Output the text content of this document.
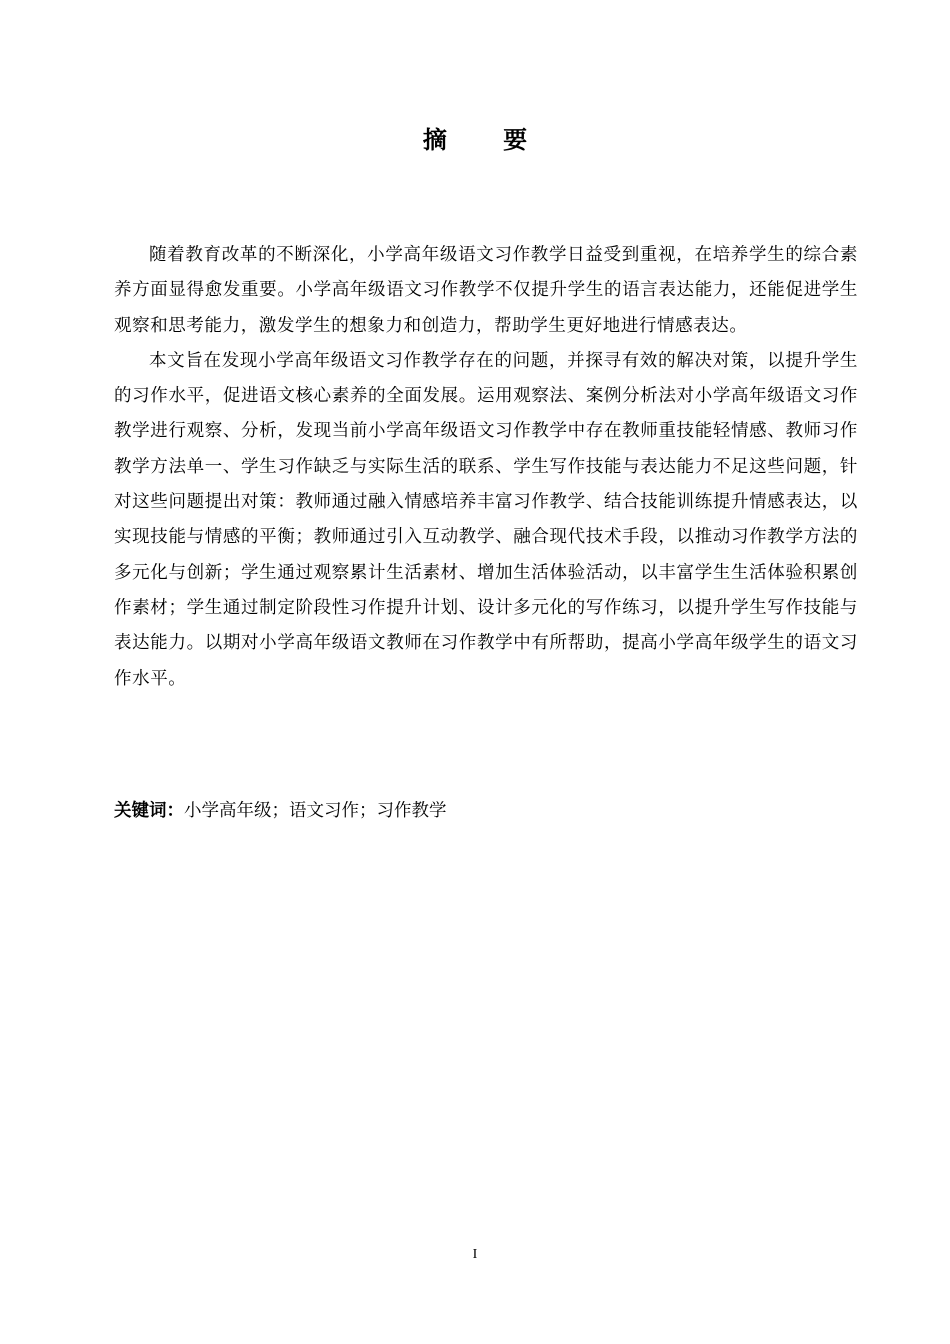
摘 要

随着教育改革的不断深化，小学高年级语文习作教学日益受到重视，在培养学生的综合素养方面显得愈发重要。小学高年级语文习作教学不仅提升学生的语言表达能力，还能促进学生观察和思考能力，激发学生的想象力和创造力，帮助学生更好地进行情感表达。

本文旨在发现小学高年级语文习作教学存在的问题，并探寻有效的解决对策，以提升学生的习作水平，促进语文核心素养的全面发展。运用观察法、案例分析法对小学高年级语文习作教学进行观察、分析，发现当前小学高年级语文习作教学中存在教师重技能轻情感、教师习作教学方法单一、学生习作缺乏与实际生活的联系、学生写作技能与表达能力不足这些问题，针对这些问题提出对策：教师通过融入情感培养丰富习作教学、结合技能训练提升情感表达，以实现技能与情感的平衡；教师通过引入互动教学、融合现代技术手段，以推动习作教学方法的多元化与创新；学生通过观察累计生活素材、增加生活体验活动，以丰富学生生活体验积累创作素材；学生通过制定阶段性习作提升计划、设计多元化的写作练习，以提升学生写作技能与表达能力。以期对小学高年级语文教师在习作教学中有所帮助，提高小学高年级学生的语文习作水平。

关键词：小学高年级；语文习作；习作教学
I
